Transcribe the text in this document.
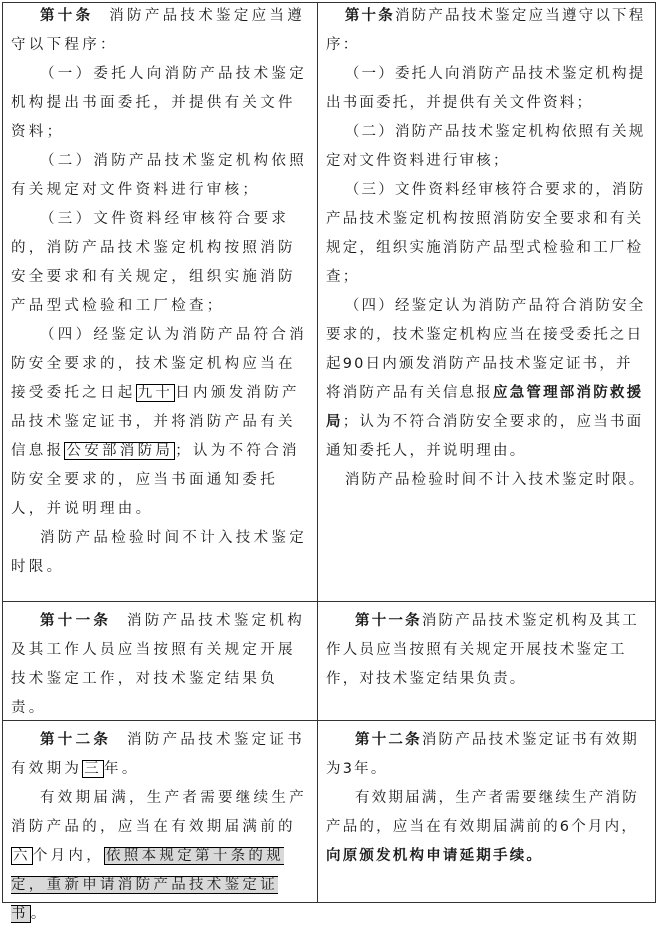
第十条 消防产品技术鉴定应当遵守以下程序：

（一）委托人向消防产品技术鉴定机构提出书面委托，并提供有关文件资料；

（二）消防产品技术鉴定机构依照有关规定对文件资料进行审核；

（三）文件资料经审核符合要求的，消防产品技术鉴定机构按照消防安全要求和有关规定，组织实施消防产品型式检验和工厂检查；

（四）经鉴定认为消防产品符合消防安全要求的，技术鉴定机构应当在接受委托之日起 九十 日内颁发消防产品技术鉴定证书，并将消防产品有关信息报 公安部消防局 ；认为不符合消防安全要求的，应当书面通知委托人，并说明理由。

消防产品检验时间不计入技术鉴定时限。

第十条消防产品技术鉴定应当遵守以下程序：

（一）委托人向消防产品技术鉴定机构提出书面委托，并提供有关文件资料；

（二）消防产品技术鉴定机构依照有关规定对文件资料进行审核；

（三）文件资料经审核符合要求的，消防产品技术鉴定机构按照消防安全要求和有关规定，组织实施消防产品型式检验和工厂检查；

（四）经鉴定认为消防产品符合消防安全要求的，技术鉴定机构应当在接受委托之日起90日内颁发消防产品技术鉴定证书，并将消防产品有关信息报应急管理部消防救援局；认为不符合消防安全要求的，应当书面通知委托人，并说明理由。

消防产品检验时间不计入技术鉴定时限。

第十一条 消防产品技术鉴定机构及其工作人员应当按照有关规定开展技术鉴定工作，对技术鉴定结果负责。

第十一条消防产品技术鉴定机构及其工作人员应当按照有关规定开展技术鉴定工作，对技术鉴定结果负责。

第十二条 消防产品技术鉴定证书有效期为 三 年。

有效期届满，生产者需要继续生产消防产品的，应当在有效期届满前的六 个月内， 依照本规定第十条的规定，重新申请消防产品技术鉴定证书 。

第十二条消防产品技术鉴定证书有效期为3年。

有效期届满，生产者需要继续生产消防产品的，应当在有效期届满前的6个月内，向原颁发机构申请延期手续。
